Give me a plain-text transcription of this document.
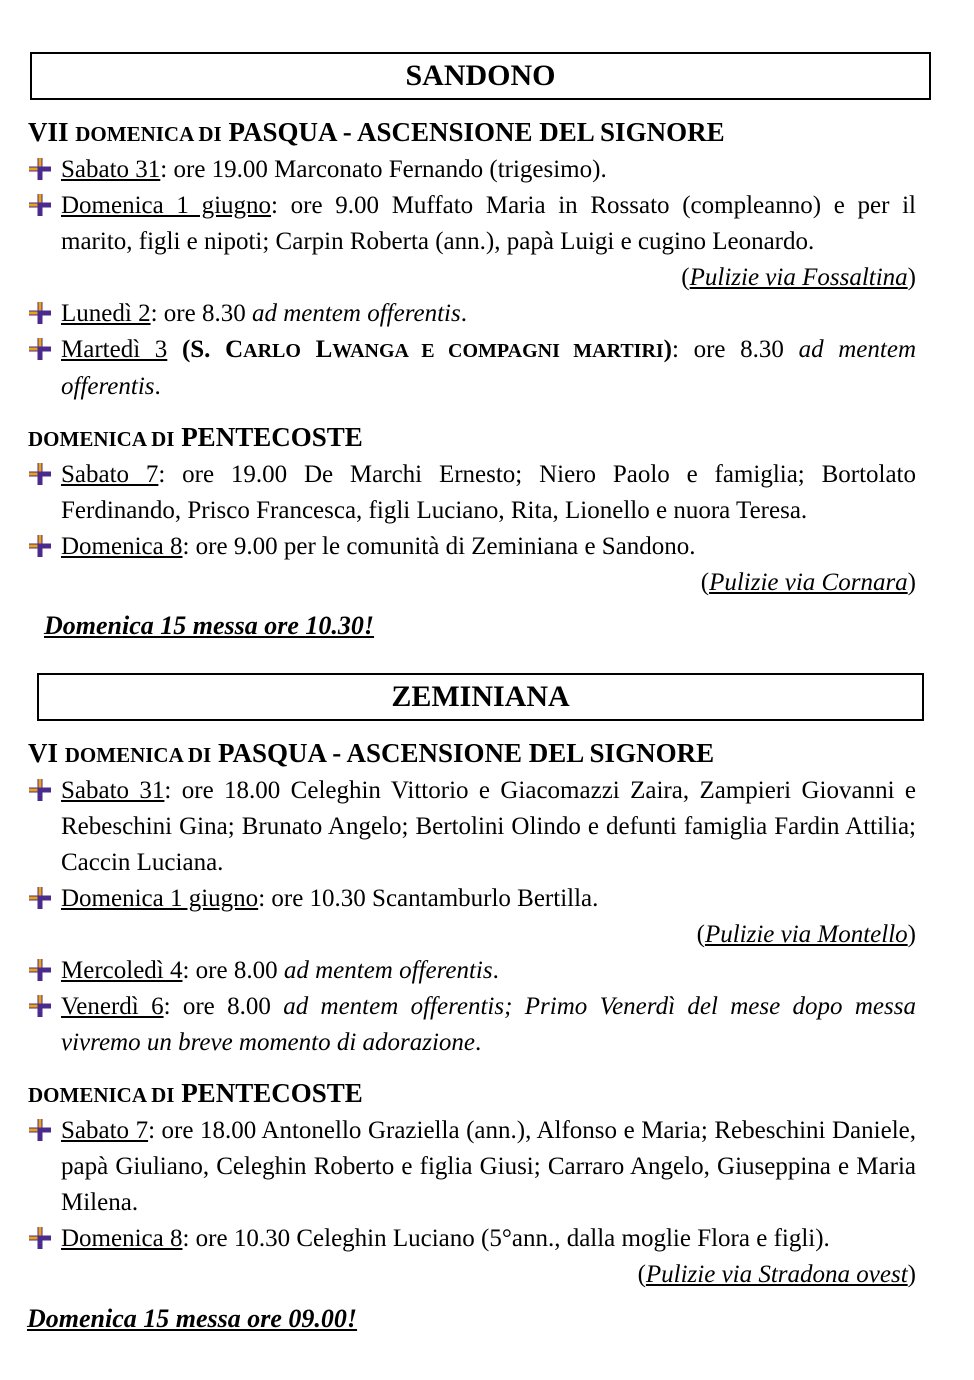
SANDONO
VII DOMENICA DI PASQUA - ASCENSIONE DEL SIGNORE
Sabato 31: ore 19.00 Marconato Fernando (trigesimo).
Domenica 1 giugno: ore 9.00 Muffato Maria in Rossato (compleanno) e per il marito, figli e nipoti; Carpin Roberta (ann.), papà Luigi e cugino Leonardo.
(Pulizie via Fossaltina)
Lunedì 2: ore 8.30 ad mentem offerentis.
Martedì 3 (S. CARLO LWANGA E COMPAGNI MARTIRI): ore 8.30 ad mentem offerentis.
DOMENICA DI PENTECOSTE
Sabato 7: ore 19.00 De Marchi Ernesto; Niero Paolo e famiglia; Bortolato Ferdinando, Prisco Francesca, figli Luciano, Rita, Lionello e nuora Teresa.
Domenica 8: ore 9.00 per le comunità di Zeminiana e Sandono.
(Pulizie via Cornara)
Domenica 15 messa ore 10.30!
ZEMINIANA
VI DOMENICA DI PASQUA - ASCENSIONE DEL SIGNORE
Sabato 31: ore 18.00 Celeghin Vittorio e Giacomazzi Zaira, Zampieri Giovanni e Rebeschini Gina; Brunato Angelo; Bertolini Olindo e defunti famiglia Fardin Attilia; Caccin Luciana.
Domenica 1 giugno: ore 10.30 Scantamburlo Bertilla.
(Pulizie via Montello)
Mercoledì 4: ore 8.00 ad mentem offerentis.
Venerdì 6: ore 8.00 ad mentem offerentis; Primo Venerdì del mese dopo messa vivremo un breve momento di adorazione.
DOMENICA DI PENTECOSTE
Sabato 7: ore 18.00 Antonello Graziella (ann.), Alfonso e Maria; Rebeschini Daniele, papà Giuliano, Celeghin Roberto e figlia Giusi; Carraro Angelo, Giuseppina e Maria Milena.
Domenica 8: ore 10.30 Celeghin Luciano (5°ann., dalla moglie Flora e figli).
(Pulizie via Stradona ovest)
Domenica 15 messa ore 09.00!
